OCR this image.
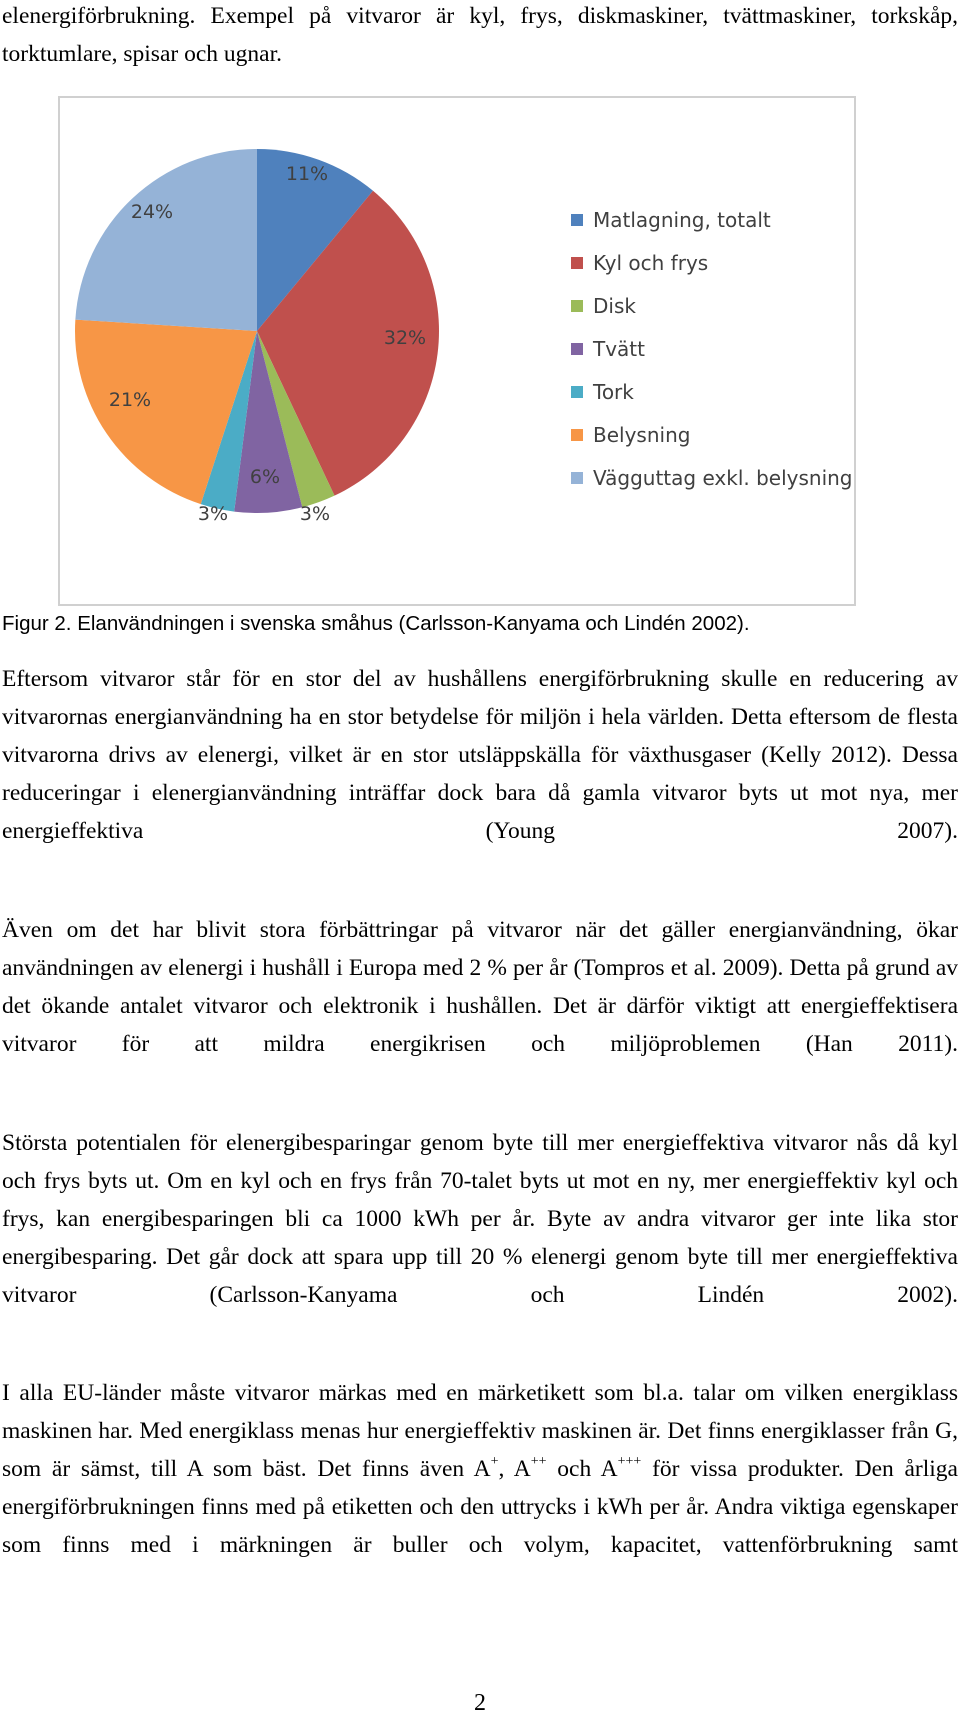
elenergiförbrukning. Exempel på vitvaror är kyl, frys, diskmaskiner, tvättmaskiner, torkskåp, torktumlare, spisar och ugnar.

11%
32%
3%
6%
3%
21%
24%	Matlagning, totalt
Kyl och frys
Disk
Tvätt
Tork
Belysning
Vägguttag exkl. belysning

Figur 2. Elanvändningen i svenska småhus (Carlsson-Kanyama och Lindén 2002).

Eftersom vitvaror står för en stor del av hushållens energiförbrukning skulle en reducering av vitvarornas energianvändning ha en stor betydelse för miljön i hela världen. Detta eftersom de flesta vitvarorna drivs av elenergi, vilket är en stor utsläppskälla för växthusgaser (Kelly 2012). Dessa reduceringar i elenergianvändning inträffar dock bara då gamla vitvaror byts ut mot nya, mer energieffektiva (Young 2007).

Även om det har blivit stora förbättringar på vitvaror när det gäller energianvändning, ökar användningen av elenergi i hushåll i Europa med 2 % per år (Tompros et al. 2009). Detta på grund av det ökande antalet vitvaror och elektronik i hushållen. Det är därför viktigt att energieffektisera vitvaror för att mildra energikrisen och miljöproblemen (Han 2011).

Största potentialen för elenergibesparingar genom byte till mer energieffektiva vitvaror nås då kyl och frys byts ut. Om en kyl och en frys från 70-talet byts ut mot en ny, mer energieffektiv kyl och frys, kan energibesparingen bli ca 1000 kWh per år. Byte av andra vitvaror ger inte lika stor energibesparing. Det går dock att spara upp till 20 % elenergi genom byte till mer energieffektiva vitvaror (Carlsson-Kanyama och Lindén 2002).

I alla EU-länder måste vitvaror märkas med en märketikett som bl.a. talar om vilken energiklass maskinen har. Med energiklass menas hur energieffektiv maskinen är. Det finns energiklasser från G, som är sämst, till A som bäst. Det finns även A+, A++ och A+++ för vissa produkter. Den årliga energiförbrukningen finns med på etiketten och den uttrycks i kWh per år. Andra viktiga egenskaper som finns med i märkningen är buller och volym, kapacitet, vattenförbrukning samt

2
